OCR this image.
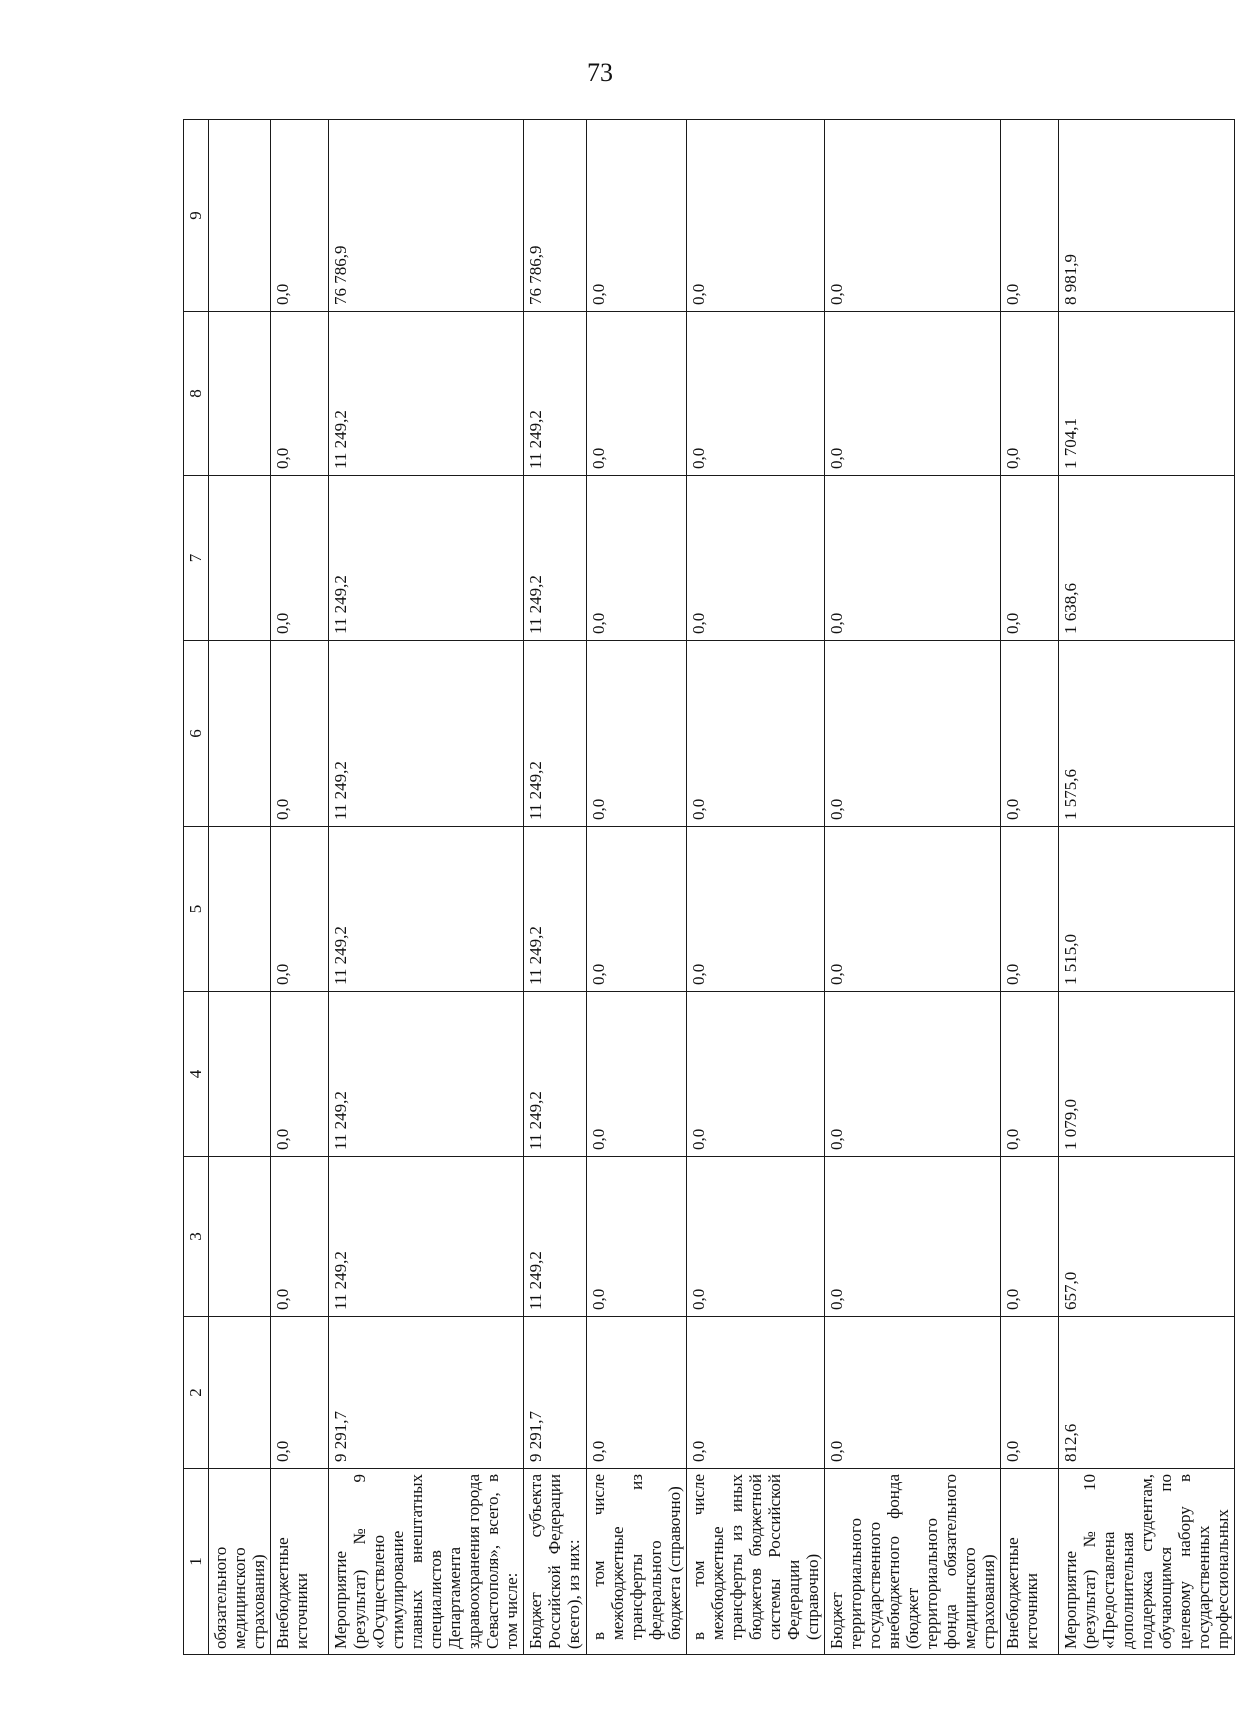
73
1	2	3	4	5	6	7	8	9
обязательного медицинского страхования)								
Внебюджетные источники	0,0	0,0	0,0	0,0	0,0	0,0	0,0	0,0
Мероприятие (результат) № 9 «Осуществлено стимулирование главных внештатных специалистов Департамента здравоохранения города Севастополя», всего, в том числе:	9 291,7	11 249,2	11 249,2	11 249,2	11 249,2	11 249,2	11 249,2	76 786,9
Бюджет субъекта Российской Федерации (всего), из них:	9 291,7	11 249,2	11 249,2	11 249,2	11 249,2	11 249,2	11 249,2	76 786,9
в том числе межбюджетные трансферты из федерального бюджета (справочно)	0,0	0,0	0,0	0,0	0,0	0,0	0,0	0,0
в том числе межбюджетные трансферты из иных бюджетов бюджетной системы Российской Федерации (справочно)	0,0	0,0	0,0	0,0	0,0	0,0	0,0	0,0
Бюджет территориального государственного внебюджетного фонда (бюджет территориального фонда обязательного медицинского страхования)	0,0	0,0	0,0	0,0	0,0	0,0	0,0	0,0
Внебюджетные источники	0,0	0,0	0,0	0,0	0,0	0,0	0,0	0,0
Мероприятие (результат) № 10 «Предоставлена дополнительная поддержка студентам, обучающимся по целевому набору в государственных профессиональных	812,6	657,0	1 079,0	1 515,0	1 575,6	1 638,6	1 704,1	8 981,9
